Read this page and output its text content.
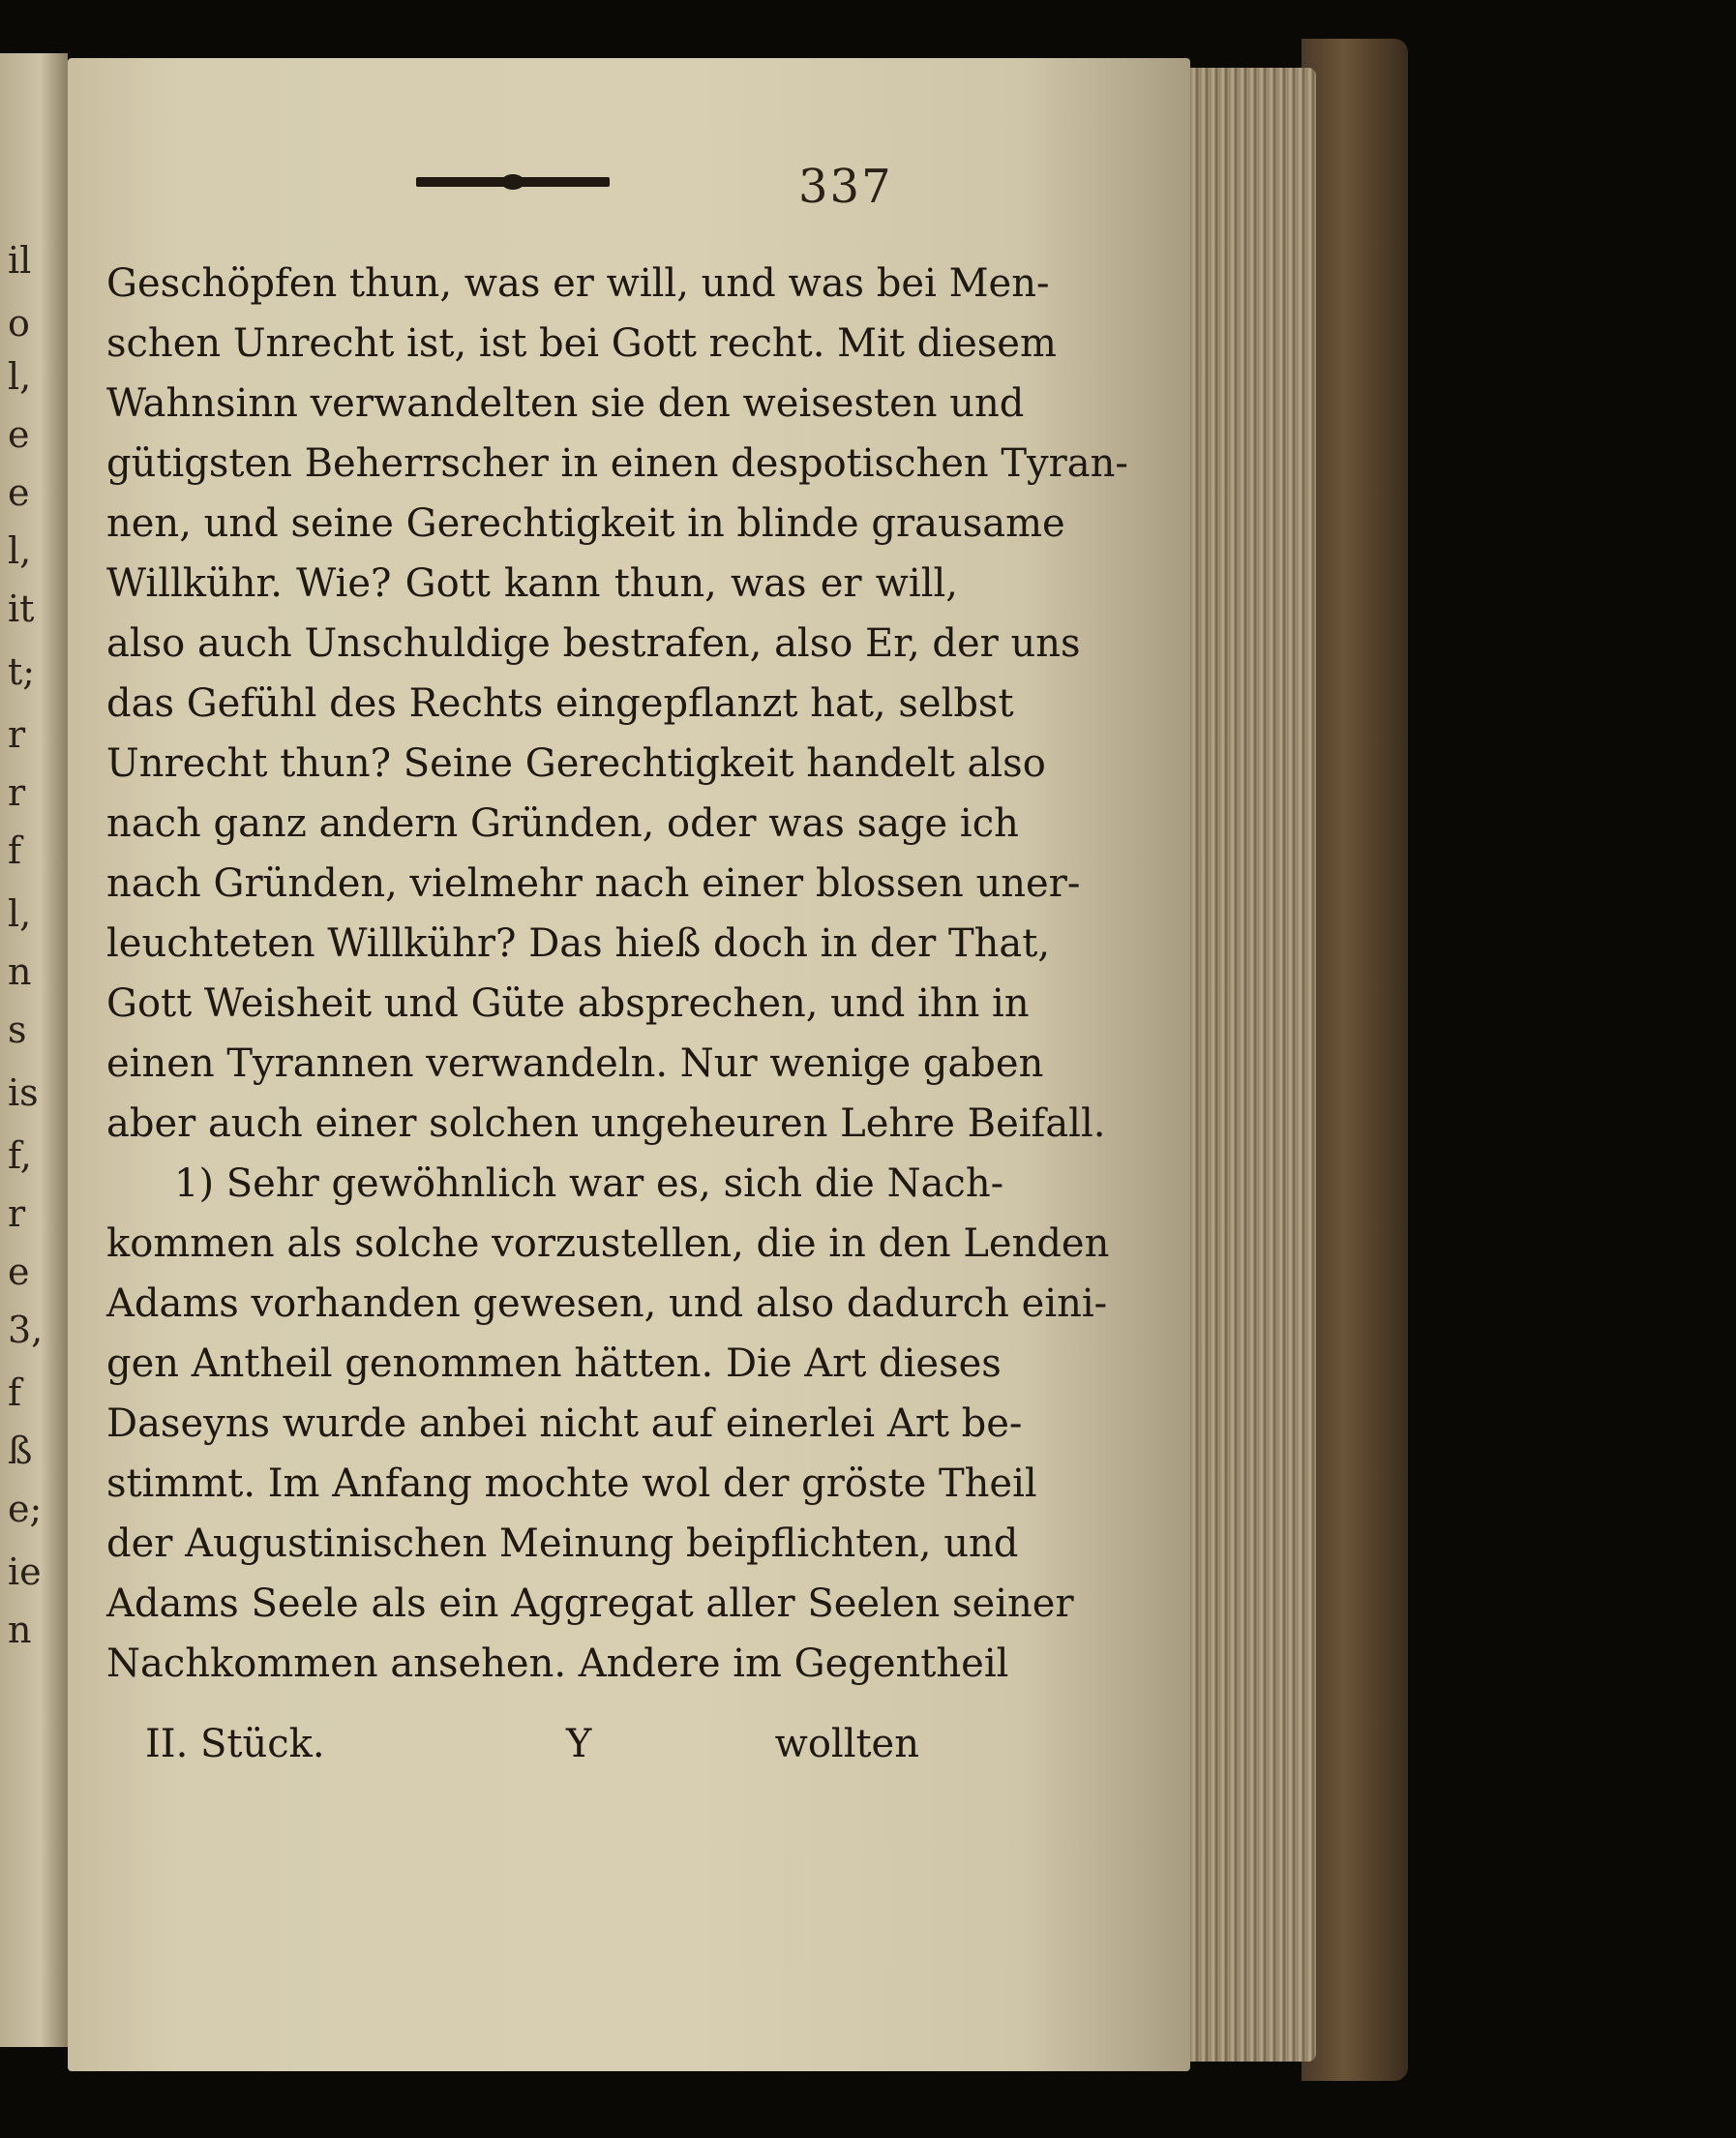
il
o
l,
e
e
l,
it
t;
r
r
f
l,
n
s
is
f,
r
e
3,
f
ß
e;
ie
n
337
Geschöpfen thun, was er will, und was bei Men-
schen Unrecht ist, ist bei Gott recht. Mit diesem
Wahnsinn verwandelten sie den weisesten und
gütigsten Beherrscher in einen despotischen Tyran-
nen, und seine Gerechtigkeit in blinde grausame
Willkühr. Wie? Gott kann thun, was er will,
also auch Unschuldige bestrafen, also Er, der uns
das Gefühl des Rechts eingepflanzt hat, selbst
Unrecht thun? Seine Gerechtigkeit handelt also
nach ganz andern Gründen, oder was sage ich
nach Gründen, vielmehr nach einer blossen uner-
leuchteten Willkühr? Das hieß doch in der That,
Gott Weisheit und Güte absprechen, und ihn in
einen Tyrannen verwandeln. Nur wenige gaben
aber auch einer solchen ungeheuren Lehre Beifall.
1) Sehr gewöhnlich war es, sich die Nach-
kommen als solche vorzustellen, die in den Lenden
Adams vorhanden gewesen, und also dadurch eini-
gen Antheil genommen hätten. Die Art dieses
Daseyns wurde anbei nicht auf einerlei Art be-
stimmt. Im Anfang mochte wol der gröste Theil
der Augustinischen Meinung beipflichten, und
Adams Seele als ein Aggregat aller Seelen seiner
Nachkommen ansehen. Andere im Gegentheil
II. Stück.	Y	wollten
